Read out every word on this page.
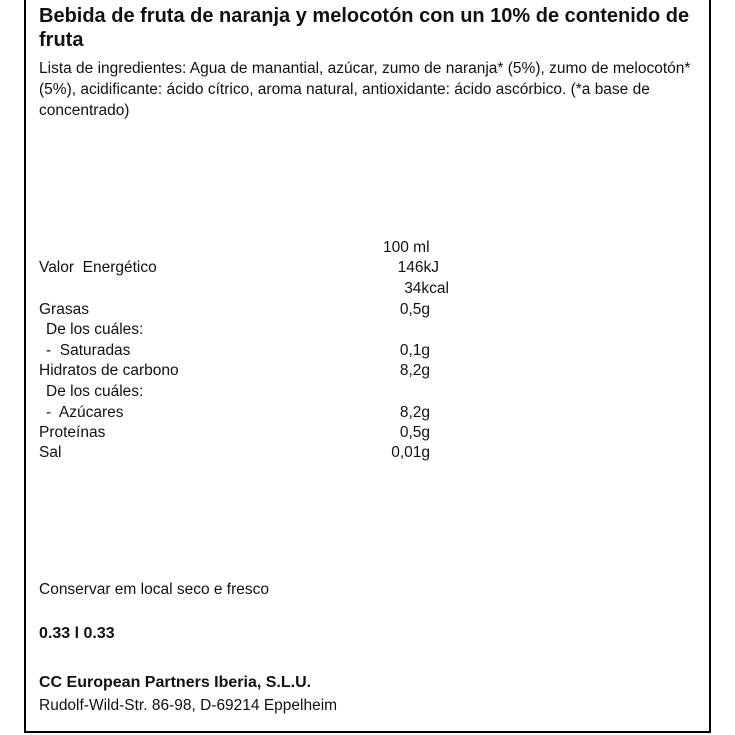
Bebida de fruta de naranja y melocotón con un 10% de contenido de fruta

Lista de ingredientes: Agua de manantial, azúcar, zumo de naranja* (5%), zumo de melocotón* (5%), acidificante: ácido cítrico, aroma natural, antioxidante: ácido ascórbico. (*a base de concentrado)

100 ml
Valor  Energético	146kJ
34kcal
Grasas	0,5g
De los cuáles:
-  Saturadas	0,1g
Hidratos de carbono	8,2g
De los cuáles:
-  Azúcares	8,2g
Proteínas	0,5g
Sal	0,01g
Conservar em local seco e fresco
0.33 l 0.33
CC European Partners Iberia, S.L.U.
Rudolf-Wild-Str. 86-98, D-69214 Eppelheim
